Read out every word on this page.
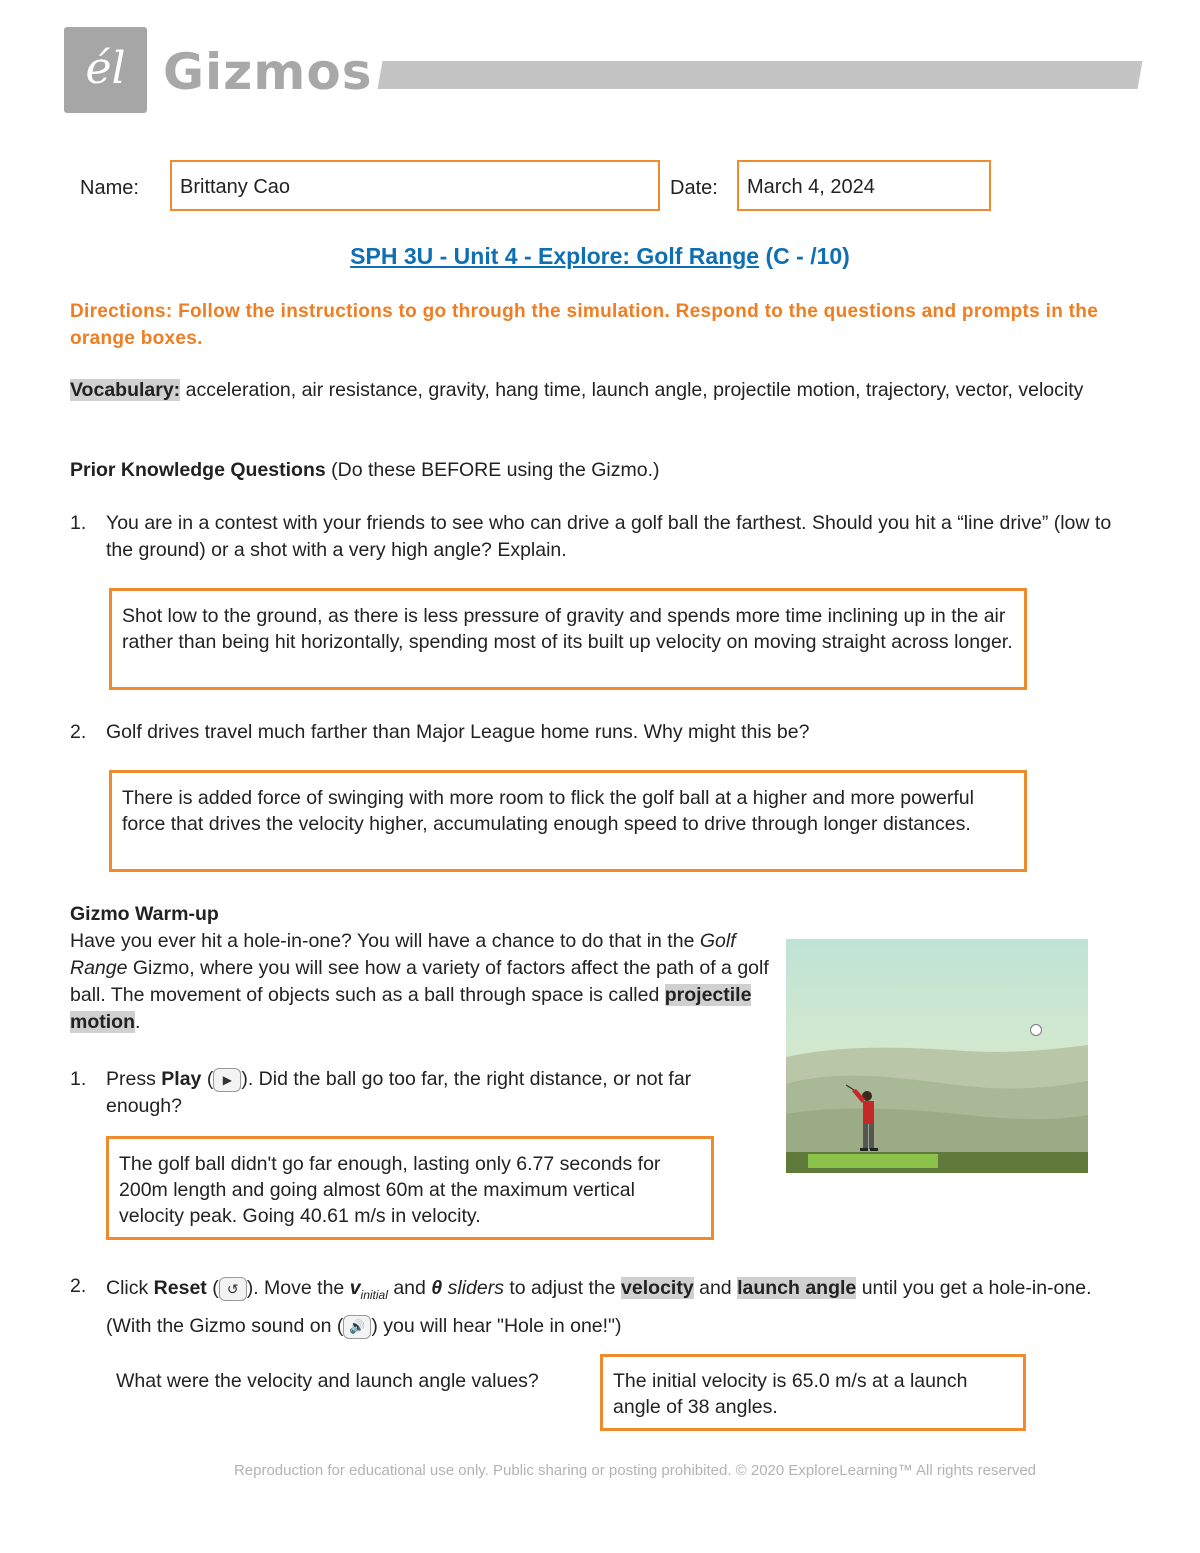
él Gizmos
Name:	Brittany Cao	Date:	March 4, 2024
SPH 3U - Unit 4 - Explore: Golf Range (C - /10)
Directions: Follow the instructions to go through the simulation. Respond to the questions and prompts in the orange boxes.
Vocabulary: acceleration, air resistance, gravity, hang time, launch angle, projectile motion, trajectory, vector, velocity
Prior Knowledge Questions (Do these BEFORE using the Gizmo.)
1. You are in a contest with your friends to see who can drive a golf ball the farthest. Should you hit a “line drive” (low to the ground) or a shot with a very high angle? Explain.
Shot low to the ground, as there is less pressure of gravity and spends more time inclining up in the air rather than being hit horizontally, spending most of its built up velocity on moving straight across longer.
2. Golf drives travel much farther than Major League home runs. Why might this be?
There is added force of swinging with more room to flick the golf ball at a higher and more powerful force that drives the velocity higher, accumulating enough speed to drive through longer distances.
Gizmo Warm-up
Have you ever hit a hole-in-one? You will have a chance to do that in the Golf Range Gizmo, where you will see how a variety of factors affect the path of a golf ball. The movement of objects such as a ball through space is called projectile motion.
1. Press Play ( ▶ ). Did the ball go too far, the right distance, or not far enough?
The golf ball didn't go far enough, lasting only 6.77 seconds for 200m length and going almost 60m at the maximum vertical velocity peak. Going 40.61 m/s in velocity.
2. Click Reset ( ↺ ). Move the $v_{initial}$ and θ sliders to adjust the velocity and launch angle until you get a hole-in-one. (With the Gizmo sound on ( 🔊 ) you will hear "Hole in one!")
What were the velocity and launch angle values?	The initial velocity is 65.0 m/s at a launch angle of 38 angles.
Reproduction for educational use only. Public sharing or posting prohibited. © 2020 ExploreLearning™ All rights reserved
